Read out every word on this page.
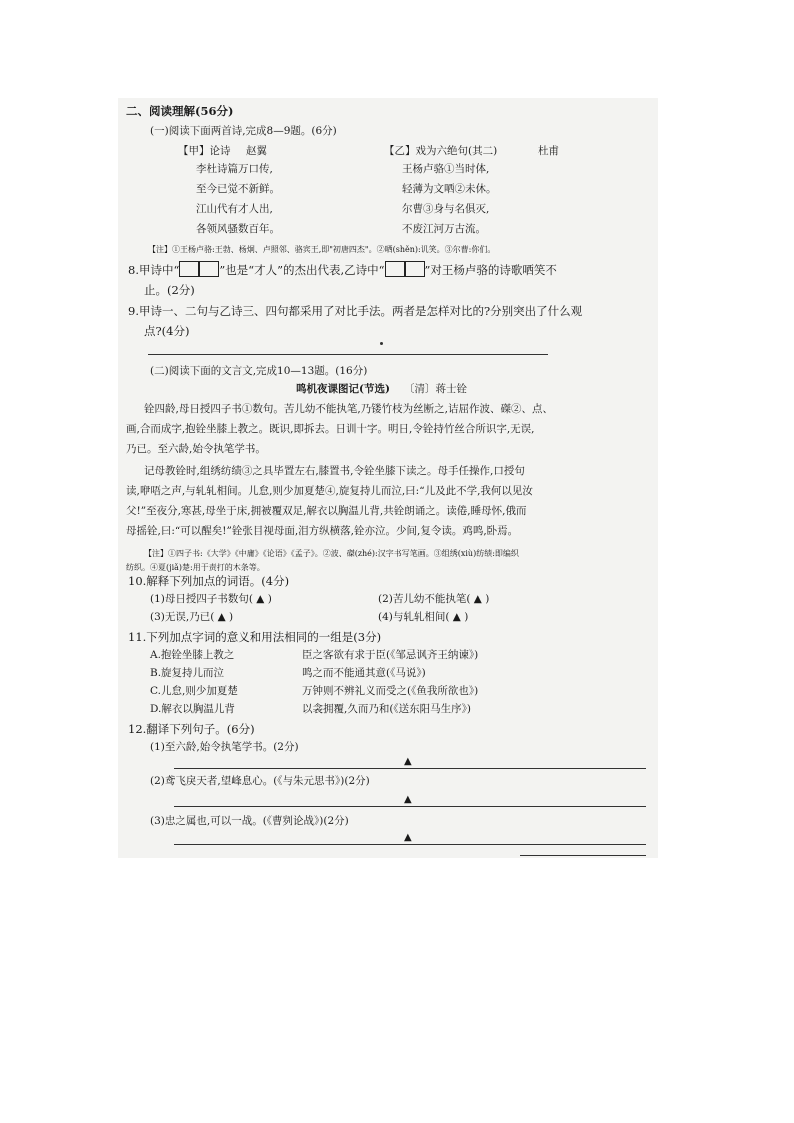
二、阅读理解(56分)
(一)阅读下面两首诗,完成8—9题。(6分)
【甲】论诗 赵翼
李杜诗篇万口传,
至今已觉不新鲜。
江山代有才人出,
各领风骚数百年。
【乙】戏为六绝句(其二)	杜甫
王杨卢骆①当时体,
轻薄为文哂②未休。
尔曹③身与名俱灭,
不废江河万古流。
【注】①王杨卢骆:王勃、杨炯、卢照邻、骆宾王,即"初唐四杰"。②哂(shěn):讥笑。③尔曹:你们。
8.甲诗中“	”也是“才人”的杰出代表,乙诗中“	”对王杨卢骆的诗歌哂笑不
止。(2分)
9.甲诗一、二句与乙诗三、四句都采用了对比手法。两者是怎样对比的?分别突出了什么观
点?(4分)
(二)阅读下面的文言文,完成10—13题。(16分)
鸣机夜课图记(节选) 〔清〕蒋士铨
铨四龄,母日授四子书①数句。苦儿幼不能执笔,乃镂竹枝为丝断之,诘屈作波、磔②、点、
画,合而成字,抱铨坐膝上教之。既识,即拆去。日训十字。明日,令铨持竹丝合所识字,无误,
乃已。至六龄,始令执笔学书。
记母教铨时,组绣纺绩③之具毕置左右,膝置书,令铨坐膝下读之。母手任操作,口授句
读,咿唔之声,与轧轧相间。儿怠,则少加夏楚④,旋复持儿而泣,曰:“儿及此不学,我何以见汝
父!”至夜分,寒甚,母坐于床,拥被覆双足,解衣以胸温儿背,共铨朗诵之。读倦,睡母怀,俄而
母摇铨,曰:“可以醒矣!”铨张目视母面,泪方纵横落,铨亦泣。少间,复令读。鸡鸣,卧焉。
【注】①四子书:《大学》《中庸》《论语》《孟子》。②波、磔(zhé):汉字书写笔画。③组绣(xiù)纺绩:即编织
纺织。④夏(jiǎ)楚:用于责打的木条等。
10.解释下列加点的词语。(4分)
(1)母日授四子书数句( ▲ )	(2)苦儿幼不能执笔( ▲ )
(3)无误,乃已( ▲ )	(4)与轧轧相间( ▲ )
11.下列加点字词的意义和用法相同的一组是(3分)
A.抱铨坐膝上教之	臣之客欲有求于臣(《邹忌讽齐王纳谏》)
B.旋复持儿而泣	鸣之而不能通其意(《马说》)
C.儿怠,则少加夏楚	万钟则不辨礼义而受之(《鱼我所欲也》)
D.解衣以胸温儿背	以衾拥覆,久而乃和(《送东阳马生序》)
12.翻译下列句子。(6分)
(1)至六龄,始令执笔学书。(2分)
▲
(2)鸢飞戾天者,望峰息心。(《与朱元思书》)(2分)
▲
(3)忠之属也,可以一战。(《曹刿论战》)(2分)
▲
